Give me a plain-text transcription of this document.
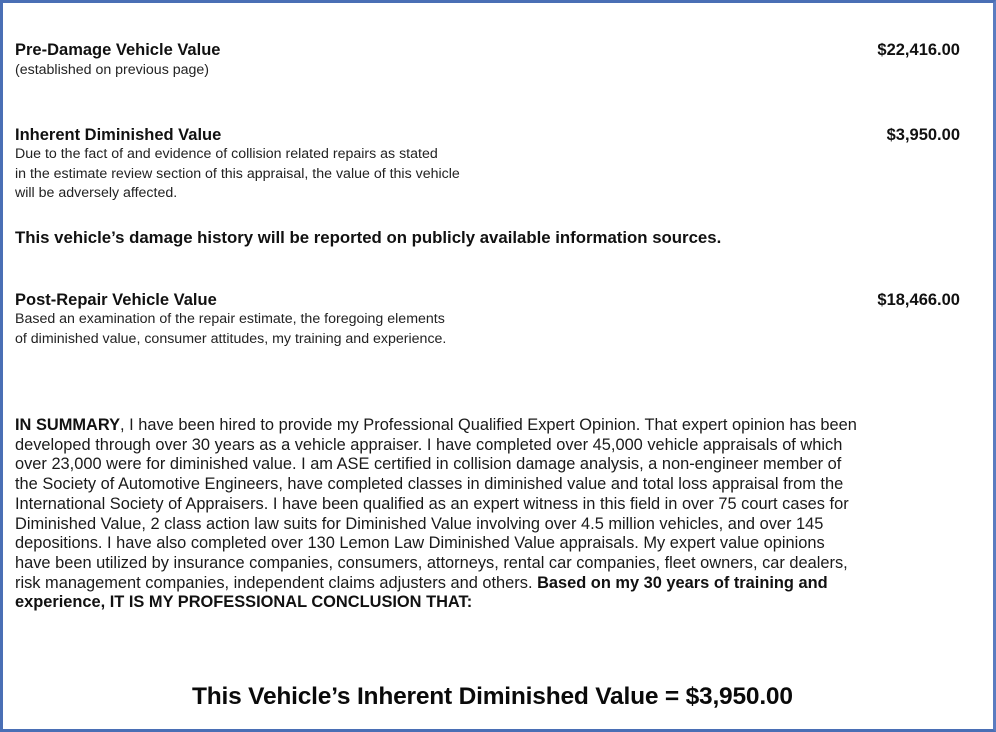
Pre-Damage Vehicle Value
(established on previous page)
$22,416.00
Inherent Diminished Value
Due to the fact of and evidence of collision related repairs as stated
in the estimate review section of this appraisal, the value of this vehicle
will be adversely affected.
$3,950.00
This vehicle’s damage history will be reported on publicly available information sources.
Post-Repair Vehicle Value
Based an examination of the repair estimate, the foregoing elements
of diminished value, consumer attitudes, my training and experience.
$18,466.00
IN SUMMARY, I have been hired to provide my Professional Qualified Expert Opinion. That expert opinion has been
developed through over 30 years as a vehicle appraiser. I have completed over 45,000 vehicle appraisals of which
over 23,000 were for diminished value. I am ASE certified in collision damage analysis, a non-engineer member of
the Society of Automotive Engineers, have completed classes in diminished value and total loss appraisal from the
International Society of Appraisers. I have been qualified as an expert witness in this field in over 75 court cases for
Diminished Value, 2 class action law suits for Diminished Value involving over 4.5 million vehicles, and over 145
depositions. I have also completed over 130 Lemon Law Diminished Value appraisals. My expert value opinions
have been utilized by insurance companies, consumers, attorneys, rental car companies, fleet owners, car dealers,
risk management companies, independent claims adjusters and others. Based on my 30 years of training and
experience, IT IS MY PROFESSIONAL CONCLUSION THAT:
This Vehicle’s Inherent Diminished Value = $3,950.00
